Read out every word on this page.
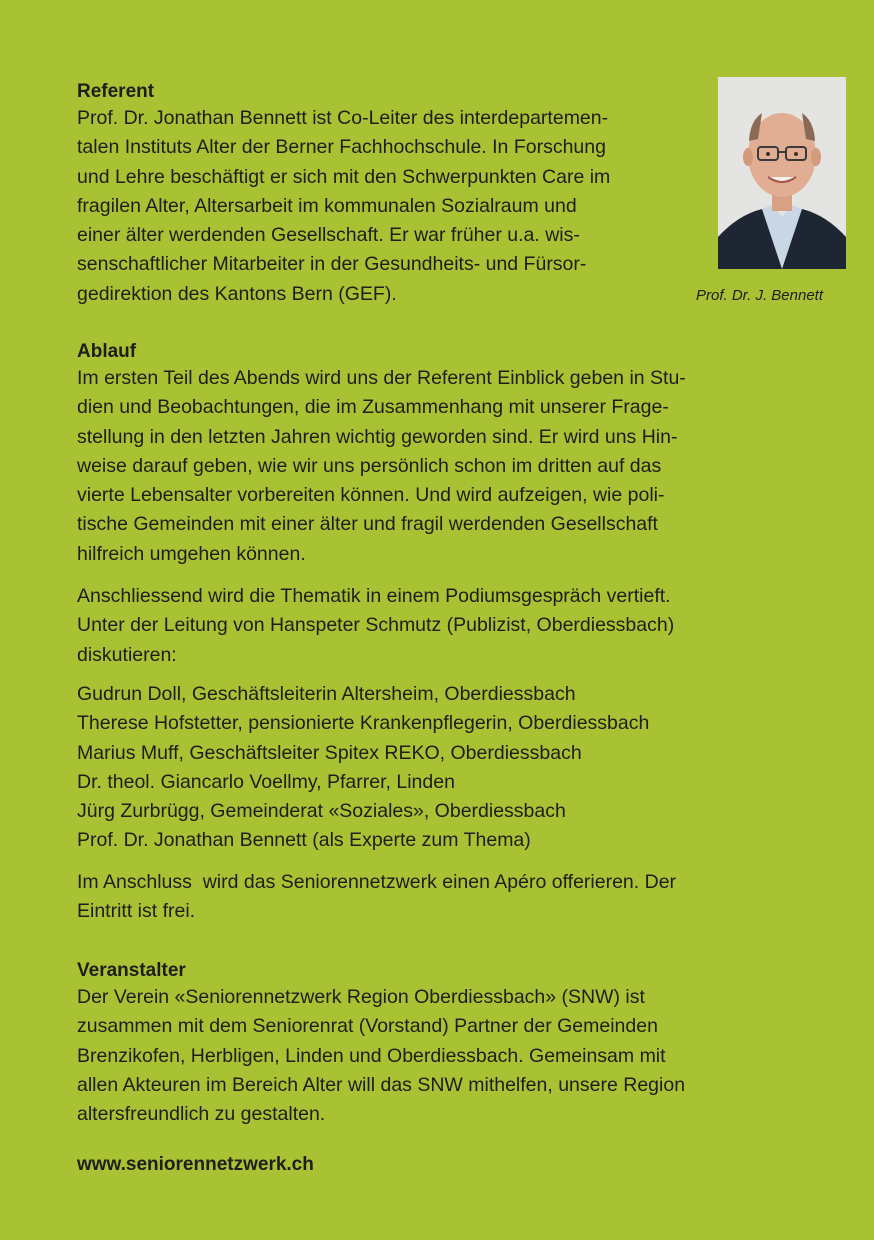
Referent

Prof. Dr. Jonathan Bennett ist Co-Leiter des interdepartemen-
talen Instituts Alter der Berner Fachhochschule. In Forschung
und Lehre beschäftigt er sich mit den Schwerpunkten Care im
fragilen Alter, Altersarbeit im kommunalen Sozialraum und
einer älter werdenden Gesellschaft. Er war früher u.a. wis-
senschaftlicher Mitarbeiter in der Gesundheits- und Fürsor-
gedirektion des Kantons Bern (GEF).	Prof. Dr. J. Bennett
Ablauf

Im ersten Teil des Abends wird uns der Referent Einblick geben in Stu-
dien und Beobachtungen, die im Zusammenhang mit unserer Frage-
stellung in den letzten Jahren wichtig geworden sind. Er wird uns Hin-
weise darauf geben, wie wir uns persönlich schon im dritten auf das
vierte Lebensalter vorbereiten können. Und wird aufzeigen, wie poli-
tische Gemeinden mit einer älter und fragil werdenden Gesellschaft
hilfreich umgehen können.

Anschliessend wird die Thematik in einem Podiumsgespräch vertieft.
Unter der Leitung von Hanspeter Schmutz (Publizist, Oberdiessbach)
diskutieren:

Gudrun Doll, Geschäftsleiterin Altersheim, Oberdiessbach
Therese Hofstetter, pensionierte Krankenpflegerin, Oberdiessbach
Marius Muff, Geschäftsleiter Spitex REKO, Oberdiessbach
Dr. theol. Giancarlo Voellmy, Pfarrer, Linden
Jürg Zurbrügg, Gemeinderat «Soziales», Oberdiessbach
Prof. Dr. Jonathan Bennett (als Experte zum Thema)

Im Anschluss  wird das Seniorennetzwerk einen Apéro offerieren. Der
Eintritt ist frei.

Veranstalter

Der Verein «Seniorennetzwerk Region Oberdiessbach» (SNW) ist
zusammen mit dem Seniorenrat (Vorstand) Partner der Gemeinden
Brenzikofen, Herbligen, Linden und Oberdiessbach. Gemeinsam mit
allen Akteuren im Bereich Alter will das SNW mithelfen, unsere Region
altersfreundlich zu gestalten.

www.seniorennetzwerk.ch
